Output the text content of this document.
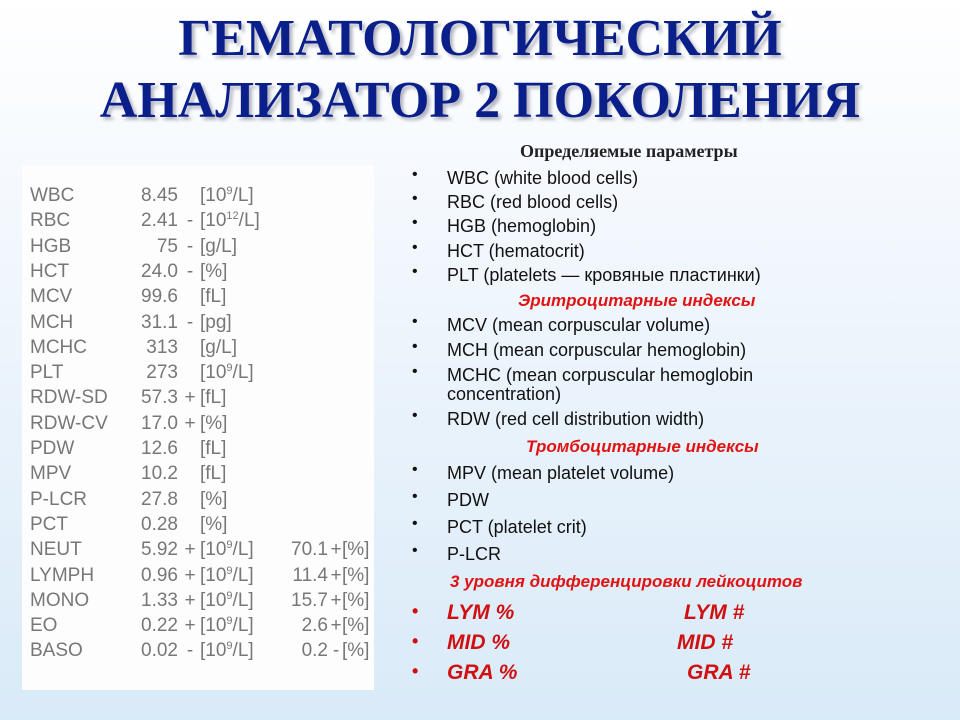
ГЕМАТОЛОГИЧЕСКИЙ
АНАЛИЗАТОР 2 ПОКОЛЕНИЯ
WBC	8.45 $[10^9/L]$
RBC	$2.41 - [10^{12}/L]$
HGB	75 - [g/L]
HCT	24.0 - [%]
MCV	99.6 [fL]
MCH	31.1 - [pg]
MCHC	313 [g/L]
PLT	273 $[10^9/L]$
RDW-SD	57.3 + [fL]
RDW-CV	17.0 + [%]
PDW	12.6 [fL]
MPV	10.2 [fL]
P-LCR	27.8 [%]
PCT	0.28 [%]
NEUT	$5.92 + [10^9/L]$	70.1 + [%]
LYMPH	$0.96 + [10^9/L]$	11.4 + [%]
MONO	$1.33 + [10^9/L]$	15.7 + [%]
EO	$0.22 + [10^9/L]$	2.6 + [%]
BASO	$0.02 - [10^9/L]$	0.2 - [%]
Определяемые параметры
• WBC (white blood cells)
• RBC (red blood cells)
• HGB (hemoglobin)
• HCT (hematocrit)
• PLT (platelets — кровяные пластинки)
Эритроцитарные индексы
• MCV (mean corpuscular volume)
• MCH (mean corpuscular hemoglobin)
• MCHC (mean corpuscular hemoglobin
concentration)
• RDW (red cell distribution width)
Тромбоцитарные индексы
• MPV (mean platelet volume)
• PDW
• PCT (platelet crit)
• P-LCR
3 уровня дифференцировки лейкоцитов
• LYM %	LYM #
• MID %	MID #
• GRA %	GRA #
